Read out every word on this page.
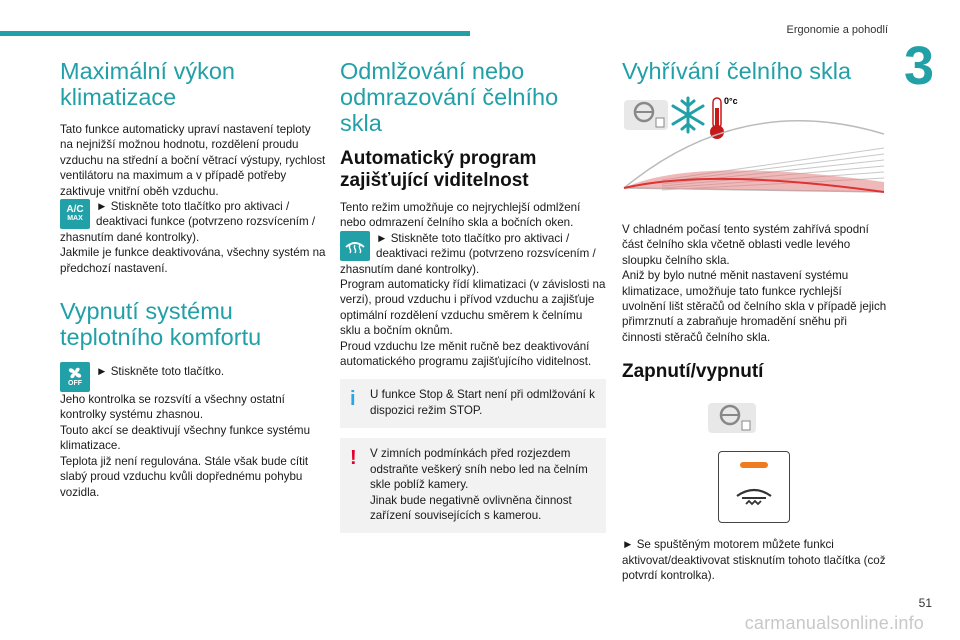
Ergonomie a pohodlí
3
Maximální výkon klimatizace

Tato funkce automaticky upraví nastavení teploty na nejnižší možnou hodnotu, rozdělení proudu vzduchu na střední a boční větrací výstupy, rychlost ventilátoru na maximum a v případě potřeby zaktivuje vnitřní oběh vzduchu.

A/C
MAX

► Stiskněte toto tlačítko pro aktivaci / deaktivaci funkce (potvrzeno rozsvícením / zhasnutím dané kontrolky).

Jakmile je funkce deaktivována, všechny systém na předchozí nastavení.

Vypnutí systému teplotního komfortu
OFF

► Stiskněte toto tlačítko.

Jeho kontrolka se rozsvítí a všechny ostatní kontrolky systému zhasnou.

Touto akcí se deaktivují všechny funkce systému klimatizace.

Teplota již není regulována. Stále však bude cítit slabý proud vzduchu kvůli dopřednému pohybu vozidla.

Odmlžování nebo odmrazování čelního skla
Automatický program zajišťující viditelnost

Tento režim umožňuje co nejrychlejší odmlžení nebo odmrazení čelního skla a bočních oken.

► Stiskněte toto tlačítko pro aktivaci / deaktivaci režimu (potvrzeno rozsvícením / zhasnutím dané kontrolky).

Program automaticky řídí klimatizaci (v závislosti na verzi), proud vzduchu i přívod vzduchu a zajišťuje optimální rozdělení vzduchu směrem k čelnímu sklu a bočním oknům.

Proud vzduchu lze měnit ručně bez deaktivování automatického programu zajišťujícího viditelnost.

i U funkce Stop & Start není při odmlžování k dispozici režim STOP.

! V zimních podmínkách před rozjezdem odstraňte veškerý sníh nebo led na čelním skle poblíž kamery.

Jinak bude negativně ovlivněna činnost zařízení souvisejících s kamerou.

Vyhřívání čelního skla
0°c

V chladném počasí tento systém zahřívá spodní část čelního skla včetně oblasti vedle levého sloupku čelního skla.

Aniž by bylo nutné měnit nastavení systému klimatizace, umožňuje tato funkce rychlejší uvolnění lišt stěračů od čelního skla v případě jejich přimrznutí a zabraňuje hromadění sněhu při činnosti stěračů čelního skla.

Zapnutí/vypnutí

► Se spuštěným motorem můžete funkci aktivovat/deaktivovat stisknutím tohoto tlačítka (což potvrdí kontrolka).

51
carmanualsonline.info
